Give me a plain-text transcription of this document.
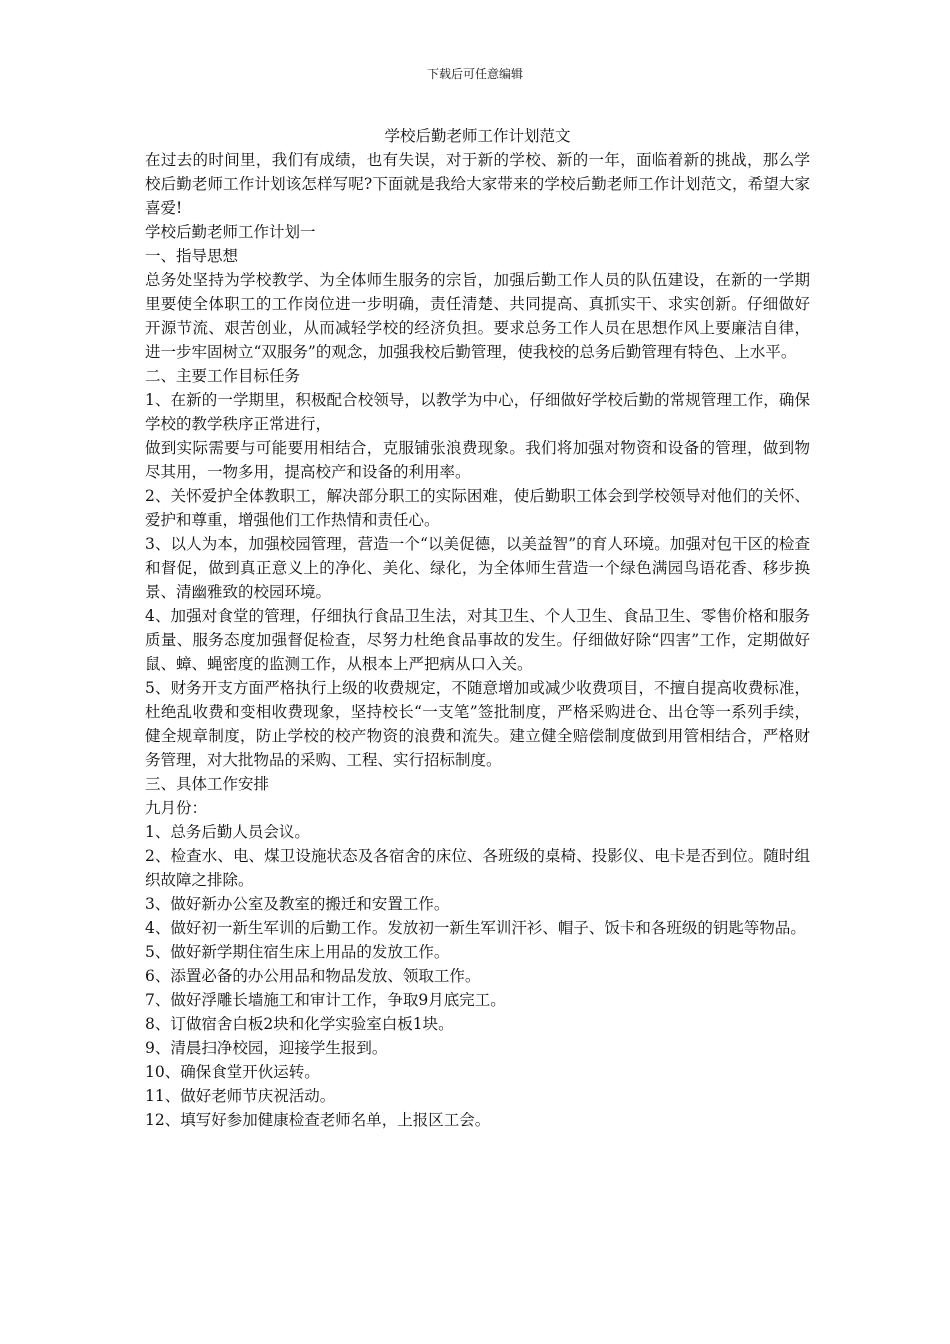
下载后可任意编辑
学校后勤老师工作计划范文

在过去的时间里，我们有成绩，也有失误，对于新的学校、新的一年，面临着新的挑战，那么学校后勤老师工作计划该怎样写呢?下面就是我给大家带来的学校后勤老师工作计划范文，希望大家喜爱!

学校后勤老师工作计划一

一、指导思想

总务处坚持为学校教学、为全体师生服务的宗旨，加强后勤工作人员的队伍建设，在新的一学期里要使全体职工的工作岗位进一步明确，责任清楚、共同提高、真抓实干、求实创新。仔细做好开源节流、艰苦创业，从而减轻学校的经济负担。要求总务工作人员在思想作风上要廉洁自律，进一步牢固树立“双服务”的观念，加强我校后勤管理，使我校的总务后勤管理有特色、上水平。

二、主要工作目标任务

1、在新的一学期里，积极配合校领导，以教学为中心，仔细做好学校后勤的常规管理工作，确保学校的教学秩序正常进行，

做到实际需要与可能要用相结合，克服铺张浪费现象。我们将加强对物资和设备的管理，做到物尽其用，一物多用，提高校产和设备的利用率。

2、关怀爱护全体教职工，解决部分职工的实际困难，使后勤职工体会到学校领导对他们的关怀、爱护和尊重，增强他们工作热情和责任心。

3、以人为本，加强校园管理，营造一个“以美促德，以美益智”的育人环境。加强对包干区的检查和督促，做到真正意义上的净化、美化、绿化，为全体师生营造一个绿色满园鸟语花香、移步换景、清幽雅致的校园环境。

4、加强对食堂的管理，仔细执行食品卫生法，对其卫生、个人卫生、食品卫生、零售价格和服务质量、服务态度加强督促检查，尽努力杜绝食品事故的发生。仔细做好除“四害”工作，定期做好鼠、蟑、蝇密度的监测工作，从根本上严把病从口入关。

5、财务开支方面严格执行上级的收费规定，不随意增加或减少收费项目，不擅自提高收费标准，杜绝乱收费和变相收费现象，坚持校长“一支笔”签批制度，严格采购进仓、出仓等一系列手续，健全规章制度，防止学校的校产物资的浪费和流失。建立健全赔偿制度做到用管相结合，严格财务管理，对大批物品的采购、工程、实行招标制度。

三、具体工作安排

九月份：

1、总务后勤人员会议。

2、检查水、电、煤卫设施状态及各宿舍的床位、各班级的桌椅、投影仪、电卡是否到位。随时组织故障之排除。

3、做好新办公室及教室的搬迁和安置工作。

4、做好初一新生军训的后勤工作。发放初一新生军训汗衫、帽子、饭卡和各班级的钥匙等物品。

5、做好新学期住宿生床上用品的发放工作。

6、添置必备的办公用品和物品发放、领取工作。

7、做好浮雕长墙施工和审计工作，争取9月底完工。

8、订做宿舍白板2块和化学实验室白板1块。

9、清晨扫净校园，迎接学生报到。

10、确保食堂开伙运转。

11、做好老师节庆祝活动。

12、填写好参加健康检查老师名单，上报区工会。
